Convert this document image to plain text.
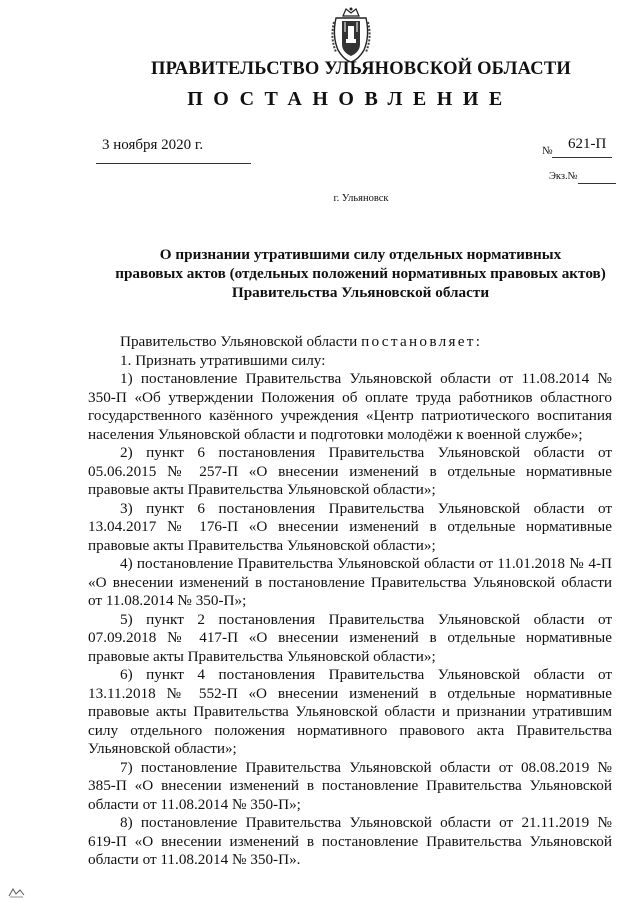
ПРАВИТЕЛЬСТВО УЛЬЯНОВСКОЙ ОБЛАСТИ
ПОСТАНОВЛЕНИЕ
3 ноября 2020 г.	№ 621-П
Экз.№
г. Ульяновск
О признании утратившими силу отдельных нормативных
правовых актов (отдельных положений нормативных правовых актов)
Правительства Ульяновской области

Правительство Ульяновской области постановляет:

1. Признать утратившими силу:

1) постановление Правительства Ульяновской области от 11.08.2014 № 350-П «Об утверждении Положения об оплате труда работников областного государственного казённого учреждения «Центр патриотического воспитания населения Ульяновской области и подготовки молодёжи к военной службе»;

2) пункт 6 постановления Правительства Ульяновской области от 05.06.2015 № 257-П «О внесении изменений в отдельные нормативные правовые акты Правительства Ульяновской области»;

3) пункт 6 постановления Правительства Ульяновской области от 13.04.2017 № 176-П «О внесении изменений в отдельные нормативные правовые акты Правительства Ульяновской области»;

4) постановление Правительства Ульяновской области от 11.01.2018 № 4-П «О внесении изменений в постановление Правительства Ульяновской области от 11.08.2014 № 350-П»;

5) пункт 2 постановления Правительства Ульяновской области от 07.09.2018 № 417-П «О внесении изменений в отдельные нормативные правовые акты Правительства Ульяновской области»;

6) пункт 4 постановления Правительства Ульяновской области от 13.11.2018 № 552-П «О внесении изменений в отдельные нормативные правовые акты Правительства Ульяновской области и признании утратившим силу отдельного положения нормативного правового акта Правительства Ульяновской области»;

7) постановление Правительства Ульяновской области от 08.08.2019 № 385-П «О внесении изменений в постановление Правительства Ульяновской области от 11.08.2014 № 350-П»;

8) постановление Правительства Ульяновской области от 21.11.2019 № 619-П «О внесении изменений в постановление Правительства Ульяновской области от 11.08.2014 № 350-П».
